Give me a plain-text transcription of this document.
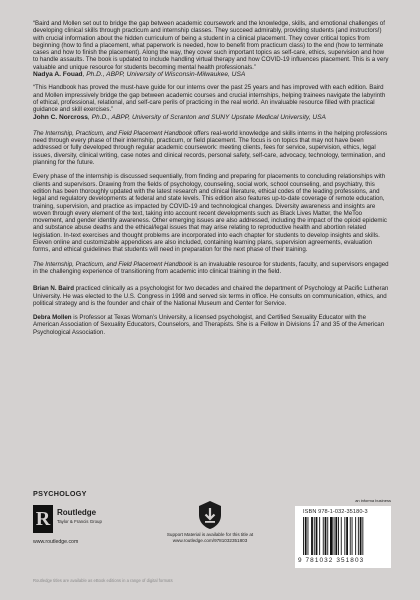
“Baird and Mollen set out to bridge the gap between academic coursework and the knowledge, skills, and emotional challenges of developing clinical skills through practicum and internship classes. They succeed admirably, providing students (and instructors!) with crucial information about the hidden curriculum of being a student in a clinical placement. They cover critical topics from beginning (how to find a placement, what paperwork is needed, how to benefit from practicum class) to the end (how to terminate cases and how to finish the placement). Along the way, they cover such important topics as self-care, ethics, supervision and how to handle assaults. The book is updated to include handling virtual therapy and how COVID-19 influences placement. This is a very valuable and unique resource for students becoming mental health professionals.”
Nadya A. Fouad, Ph.D., ABPP, University of Wisconsin-Milwaukee, USA
“This Handbook has proved the must-have guide for our interns over the past 25 years and has improved with each edition. Baird and Mollen impressively bridge the gap between academic courses and crucial internships, helping trainees navigate the labyrinth of ethical, professional, relational, and self-care perils of practicing in the real world. An invaluable resource filled with practical guidance and skill exercises.”
John C. Norcross, Ph.D., ABPP, University of Scranton and SUNY Upstate Medical University, USA

The Internship, Practicum, and Field Placement Handbook offers real-world knowledge and skills interns in the helping professions need through every phase of their internship, practicum, or field placement. The focus is on topics that may not have been addressed or fully developed through regular academic coursework: meeting clients, fees for service, supervision, ethics, legal issues, diversity, clinical writing, case notes and clinical records, personal safety, self-care, advocacy, technology, termination, and planning for the future.

Every phase of the internship is discussed sequentially, from finding and preparing for placements to concluding relationships with clients and supervisors. Drawing from the fields of psychology, counseling, social work, school counseling, and psychiatry, this edition has been thoroughly updated with the latest research and clinical literature, ethical codes of the leading professions, and legal and regulatory developments at federal and state levels. This edition also features up-to-date coverage of remote education, training, supervision, and practice as impacted by COVID-19 and technological changes. Diversity awareness and insights are woven through every element of the text, taking into account recent developments such as Black Lives Matter, the MeToo movement, and gender identity awareness. Other emerging issues are also addressed, including the impact of the opioid epidemic and substance abuse deaths and the ethical/legal issues that may arise relating to reproductive health and abortion related legislation. In-text exercises and thought problems are incorporated into each chapter for students to develop insights and skills. Eleven online and customizable appendices are also included, containing learning plans, supervision agreements, evaluation forms, and ethical guidelines that students will need in preparation for the next phase of their training.

The Internship, Practicum, and Field Placement Handbook is an invaluable resource for students, faculty, and supervisors engaged in the challenging experience of transitioning from academic into clinical training in the field.

Brian N. Baird practiced clinically as a psychologist for two decades and chaired the department of Psychology at Pacific Lutheran University. He was elected to the U.S. Congress in 1998 and served six terms in office. He consults on communication, ethics, and political strategy and is the founder and chair of the National Museum and Center for Service.

Debra Mollen is Professor at Texas Woman’s University, a licensed psychologist, and Certified Sexuality Educator with the American Association of Sexuality Educators, Counselors, and Therapists. She is a Fellow in Divisions 17 and 35 of the American Psychological Association.

PSYCHOLOGY
R Routledge
Taylor & Francis Group
www.routledge.com
Support Material is available for this title at
www.routledge.com/9781032351803
an informa business
ISBN 978-1-032-35180-3
9 781032 351803
Routledge titles are available as eBook editions in a range of digital formats
